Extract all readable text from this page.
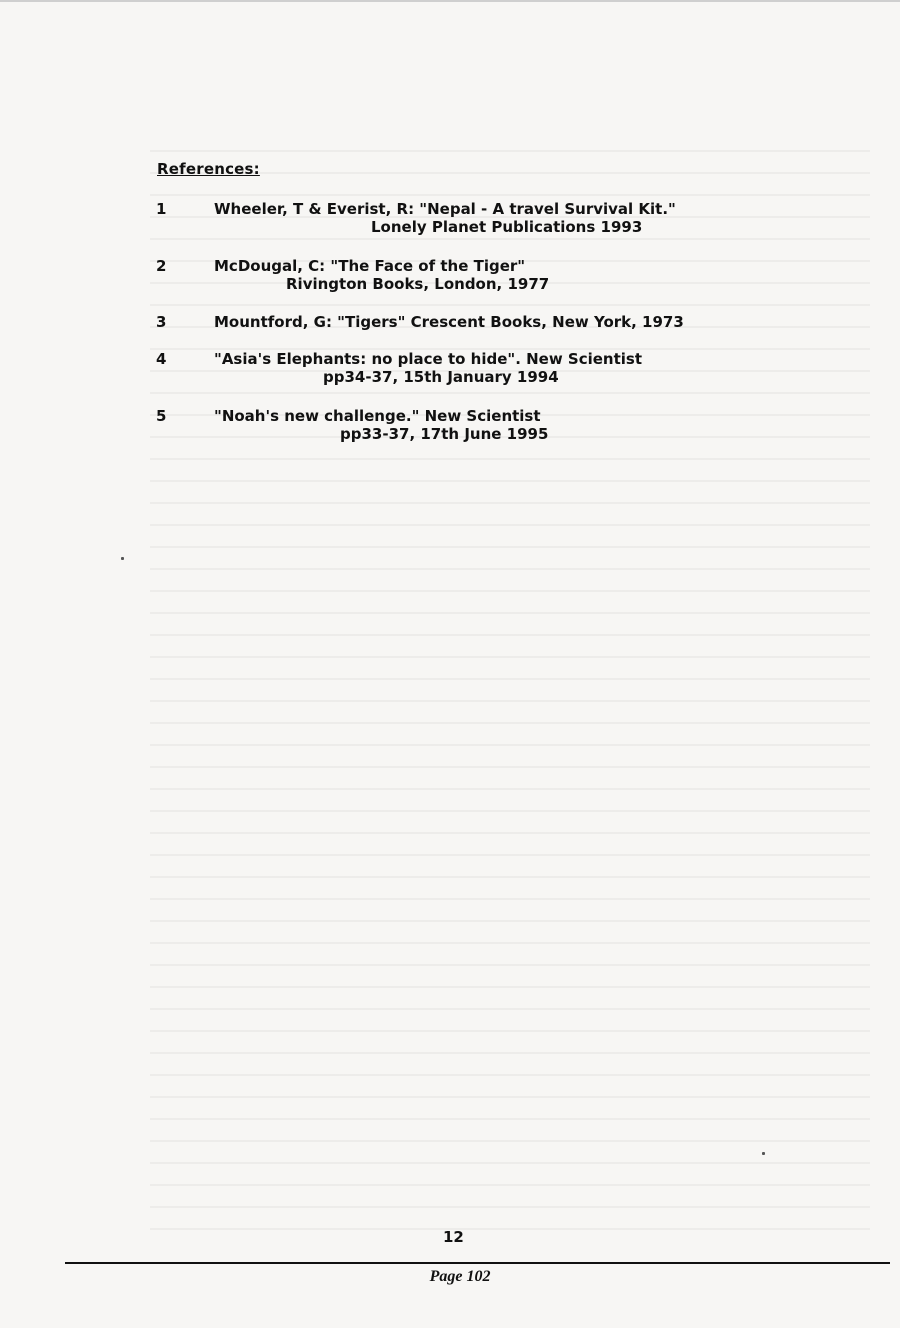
References:
1	Wheeler, T & Everist, R: "Nepal - A travel Survival Kit."
Lonely Planet Publications 1993
2	McDougal, C: "The Face of the Tiger"
Rivington Books, London, 1977
3	Mountford, G: "Tigers" Crescent Books, New York, 1973
4	"Asia's Elephants: no place to hide". New Scientist
pp34-37, 15th January 1994
5	"Noah's new challenge." New Scientist
pp33-37, 17th June 1995
12
Page 102
